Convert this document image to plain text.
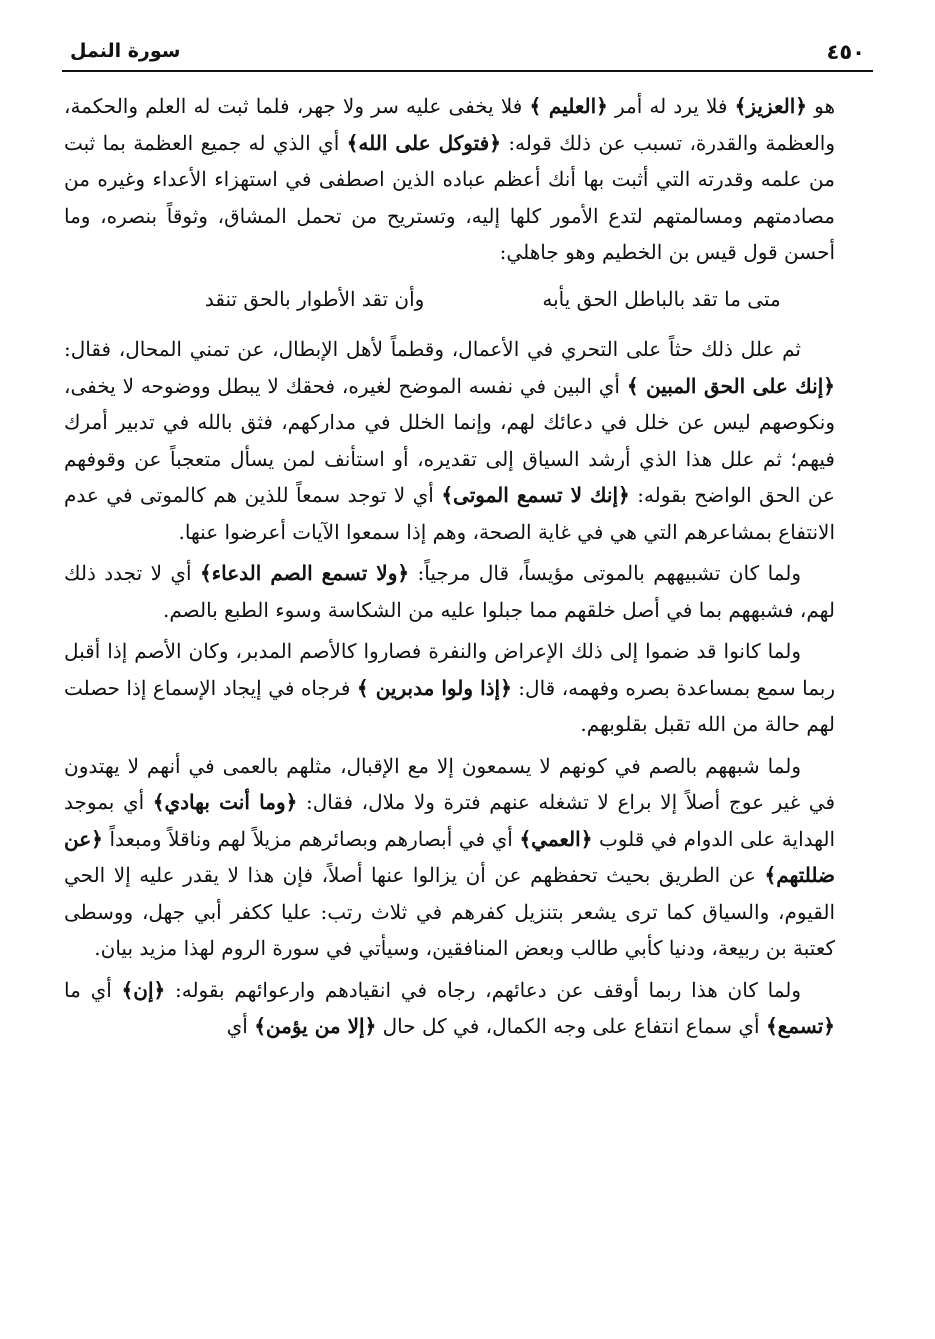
٤٥٠
سورة النمل

هو ﴿العزيز﴾ فلا يرد له أمر ﴿العليم ﴾ فلا يخفى عليه سر ولا جهر، فلما ثبت له العلم والحكمة، والعظمة والقدرة، تسبب عن ذلك قوله: ﴿فتوكل على الله﴾ أي الذي له جميع العظمة بما ثبت من علمه وقدرته التي أثبت بها أنك أعظم عباده الذين اصطفى في استهزاء الأعداء وغيره من مصادمتهم ومسالمتهم لتدع الأمور كلها إليه، وتستريح من تحمل المشاق، وثوقاً بنصره، وما أحسن قول قيس بن الخطيم وهو جاهلي:

متى ما تقد بالباطل الحق يأبهوأن تقد الأطوار بالحق تنقد

ثم علل ذلك حثاً على التحري في الأعمال، وقطماً لأهل الإبطال، عن تمني المحال، فقال: ﴿إنك على الحق المبين ﴾ أي البين في نفسه الموضح لغيره، فحقك لا يبطل ووضوحه لا يخفى، ونكوصهم ليس عن خلل في دعائك لهم، وإنما الخلل في مداركهم، فثق بالله في تدبير أمرك فيهم؛ ثم علل هذا الذي أرشد السياق إلى تقديره، أو استأنف لمن يسأل متعجباً عن وقوفهم عن الحق الواضح بقوله: ﴿إنك لا تسمع الموتى﴾ أي لا توجد سمعاً للذين هم كالموتى في عدم الانتفاع بمشاعرهم التي هي في غاية الصحة، وهم إذا سمعوا الآيات أعرضوا عنها.

ولما كان تشبيههم بالموتى مؤيساً، قال مرجياً: ﴿ولا تسمع الصم الدعاء﴾ أي لا تجدد ذلك لهم، فشبههم بما في أصل خلقهم مما جبلوا عليه من الشكاسة وسوء الطبع بالصم.

ولما كانوا قد ضموا إلى ذلك الإعراض والنفرة فصاروا كالأصم المدبر، وكان الأصم إذا أقبل ربما سمع بمساعدة بصره وفهمه، قال: ﴿إذا ولوا مدبرين ﴾ فرجاه في إيجاد الإسماع إذا حصلت لهم حالة من الله تقبل بقلوبهم.

ولما شبههم بالصم في كونهم لا يسمعون إلا مع الإقبال، مثلهم بالعمى في أنهم لا يهتدون في غير عوج أصلاً إلا براع لا تشغله عنهم فترة ولا ملال، فقال: ﴿وما أنت بهادي﴾ أي بموجد الهداية على الدوام في قلوب ﴿العمي﴾ أي في أبصارهم وبصائرهم مزيلاً لهم وناقلاً ومبعداً ﴿عن ضللتهم﴾ عن الطريق بحيث تحفظهم عن أن يزالوا عنها أصلاً، فإن هذا لا يقدر عليه إلا الحي القيوم، والسياق كما ترى يشعر بتنزيل كفرهم في ثلاث رتب: عليا ككفر أبي جهل، ووسطى كعتبة بن ربيعة، ودنيا كأبي طالب وبعض المنافقين، وسيأتي في سورة الروم لهذا مزيد بيان.

ولما كان هذا ربما أوقف عن دعائهم، رجاه في انقيادهم وارعوائهم بقوله: ﴿إن﴾ أي ما ﴿تسمع﴾ أي سماع انتفاع على وجه الكمال، في كل حال ﴿إلا من يؤمن﴾ أي
